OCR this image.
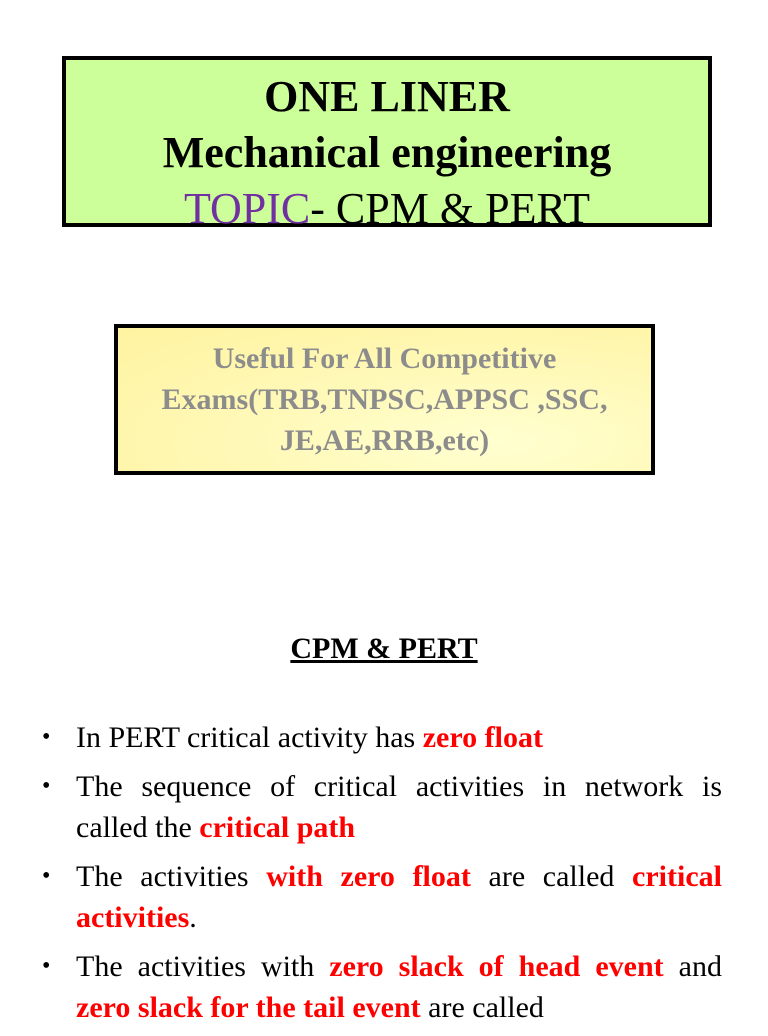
ONE LINER
Mechanical engineering
TOPIC- CPM & PERT
Useful For All Competitive
Exams(TRB,TNPSC,APPSC ,SSC,
JE,AE,RRB,etc)
CPM & PERT
• In PERT critical activity has zero float
• The sequence of critical activities in network is called the critical path
• The activities with zero float are called critical activities.
• The activities with zero slack of head event and zero slack for the tail event are called
